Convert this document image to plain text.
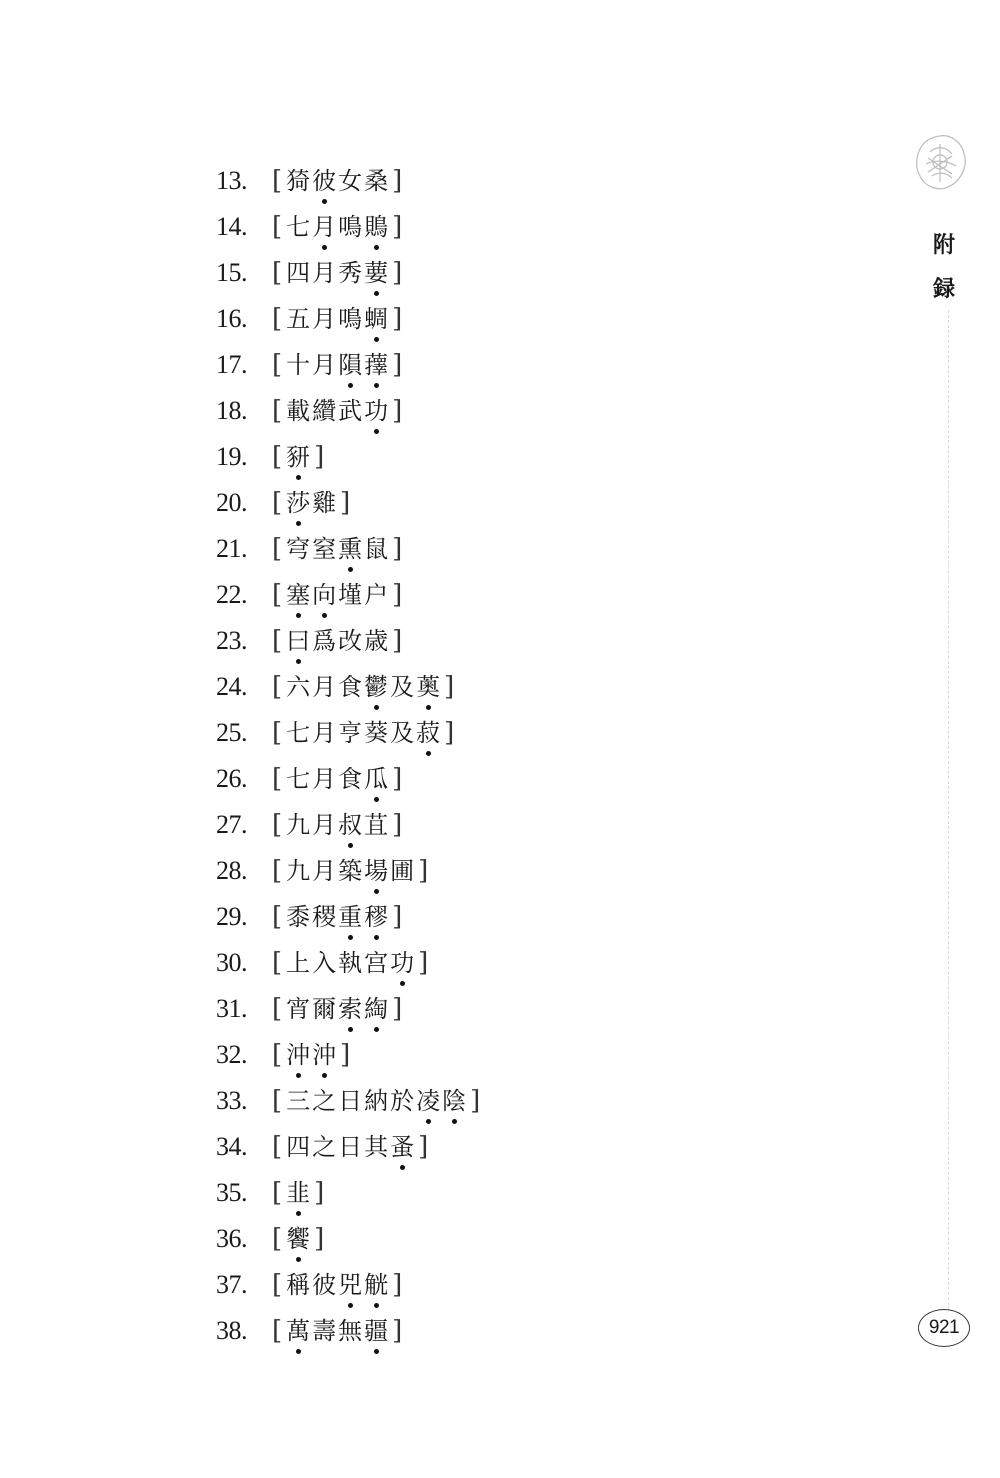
13. [ 猗 彼 女 桑 ]
14. [ 七 月 鳴 鵙 ]
15. [ 四 月 秀 葽 ]
16. [ 五 月 鳴 蜩 ]
17. [ 十 月 隕 蘀 ]
18. [ 載 纘 武 功 ]
19. [ 豜 ]
20. [ 莎 雞 ]
21. [ 穹 窒 熏 鼠 ]
22. [ 塞 向 墐 户 ]
23. [ 曰 爲 改 歳 ]
24. [ 六 月 食 鬱 及 薁 ]
25. [ 七 月 亨 葵 及 菽 ]
26. [ 七 月 食 瓜 ]
27. [ 九 月 叔 苴 ]
28. [ 九 月 築 場 圃 ]
29. [ 黍 稷 重 穋 ]
30. [ 上 入 執 宫 功 ]
31. [ 宵 爾 索 綯 ]
32. [ 沖 沖 ]
33. [ 三 之 日 納 於 凌 陰 ]
34. [ 四 之 日 其 蚤 ]
35. [ 韭 ]
36. [ 饗 ]
37. [ 稱 彼 兕 觥 ]
38. [ 萬 壽 無 疆 ]
附
録
921
